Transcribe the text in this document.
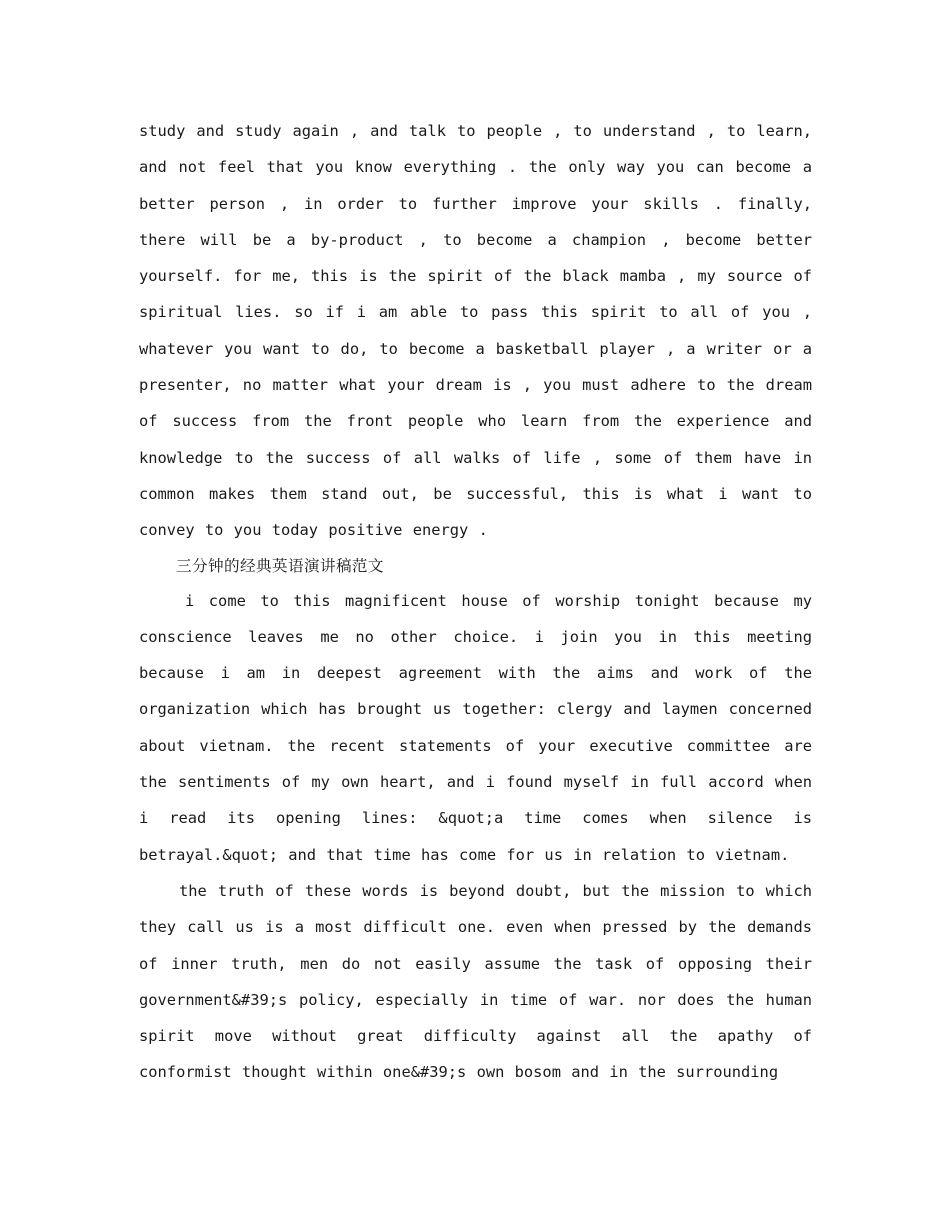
study and study again , and talk to people , to understand , to learn, and not feel that you know everything . the only way you can become a better person , in order to further improve your skills . finally, there will be a by-product , to become a champion , become better yourself. for me, this is the spirit of the black mamba , my source of spiritual lies. so if i am able to pass this spirit to all of you , whatever you want to do, to become a basketball player , a writer or a presenter, no matter what your dream is , you must adhere to the dream of success from the front people who learn from the experience and knowledge to the success of all walks of life , some of them have in common makes them stand out, be successful, this is what i want to convey to you today positive energy .

三分钟的经典英语演讲稿范文

i come to this magnificent house of worship tonight because my conscience leaves me no other choice. i join you in this meeting because i am in deepest agreement with the aims and work of the organization which has brought us together: clergy and laymen concerned about vietnam. the recent statements of your executive committee are the sentiments of my own heart, and i found myself in full accord when i read its opening lines: &quot;a time comes when silence is betrayal.&quot; and that time has come for us in relation to vietnam.

the truth of these words is beyond doubt, but the mission to which they call us is a most difficult one. even when pressed by the demands of inner truth, men do not easily assume the task of opposing their government&#39;s policy, especially in time of war. nor does the human spirit move without great difficulty against all the apathy of conformist thought within one&#39;s own bosom and in the surrounding
